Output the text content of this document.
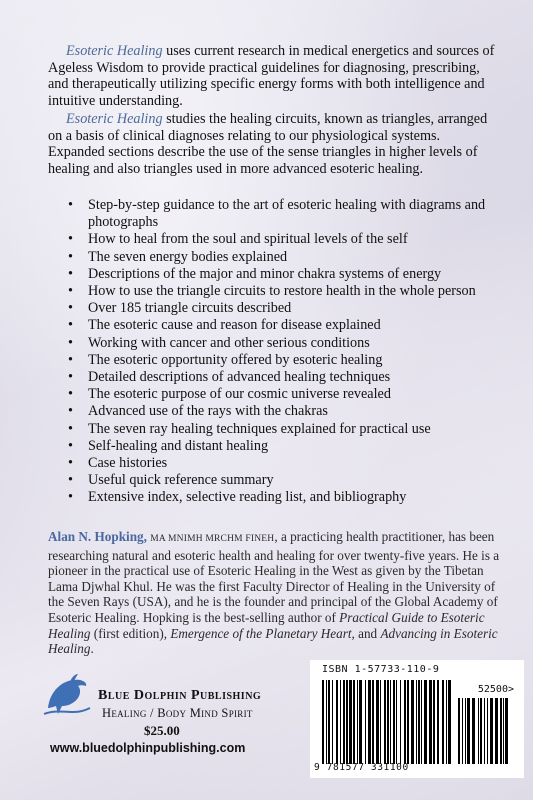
Esoteric Healing uses current research in medical energetics and sources of Ageless Wisdom to provide practical guidelines for diagnosing, prescribing, and therapeutically utilizing specific energy forms with both intelligence and intuitive understanding.

Esoteric Healing studies the healing circuits, known as triangles, arranged on a basis of clinical diagnoses relating to our physiological systems. Expanded sections describe the use of the sense triangles in higher levels of healing and also triangles used in more advanced esoteric healing.

• Step-by-step guidance to the art of esoteric healing with diagrams and photographs
• How to heal from the soul and spiritual levels of the self
• The seven energy bodies explained
• Descriptions of the major and minor chakra systems of energy
• How to use the triangle circuits to restore health in the whole person
• Over 185 triangle circuits described
• The esoteric cause and reason for disease explained
• Working with cancer and other serious conditions
• The esoteric opportunity offered by esoteric healing
• Detailed descriptions of advanced healing techniques
• The esoteric purpose of our cosmic universe revealed
• Advanced use of the rays with the chakras
• The seven ray healing techniques explained for practical use
• Self-healing and distant healing
• Case histories
• Useful quick reference summary
• Extensive index, selective reading list, and bibliography

Alan N. Hopking, MA MNIMH MRCHM FINEH, a practicing health practitioner, has been researching natural and esoteric health and healing for over twenty-five years. He is a pioneer in the practical use of Esoteric Healing in the West as given by the Tibetan Lama Djwhal Khul. He was the first Faculty Director of Healing in the University of the Seven Rays (USA), and he is the founder and principal of the Global Academy of Esoteric Healing. Hopking is the best-selling author of Practical Guide to Esoteric Healing (first edition), Emergence of the Planetary Heart, and Advancing in Esoteric Healing.

Blue Dolphin Publishing
Healing / Body Mind Spirit
$25.00
www.bluedolphinpublishing.com
ISBN 1-57733-110-9
52500>
9 781577 331100
